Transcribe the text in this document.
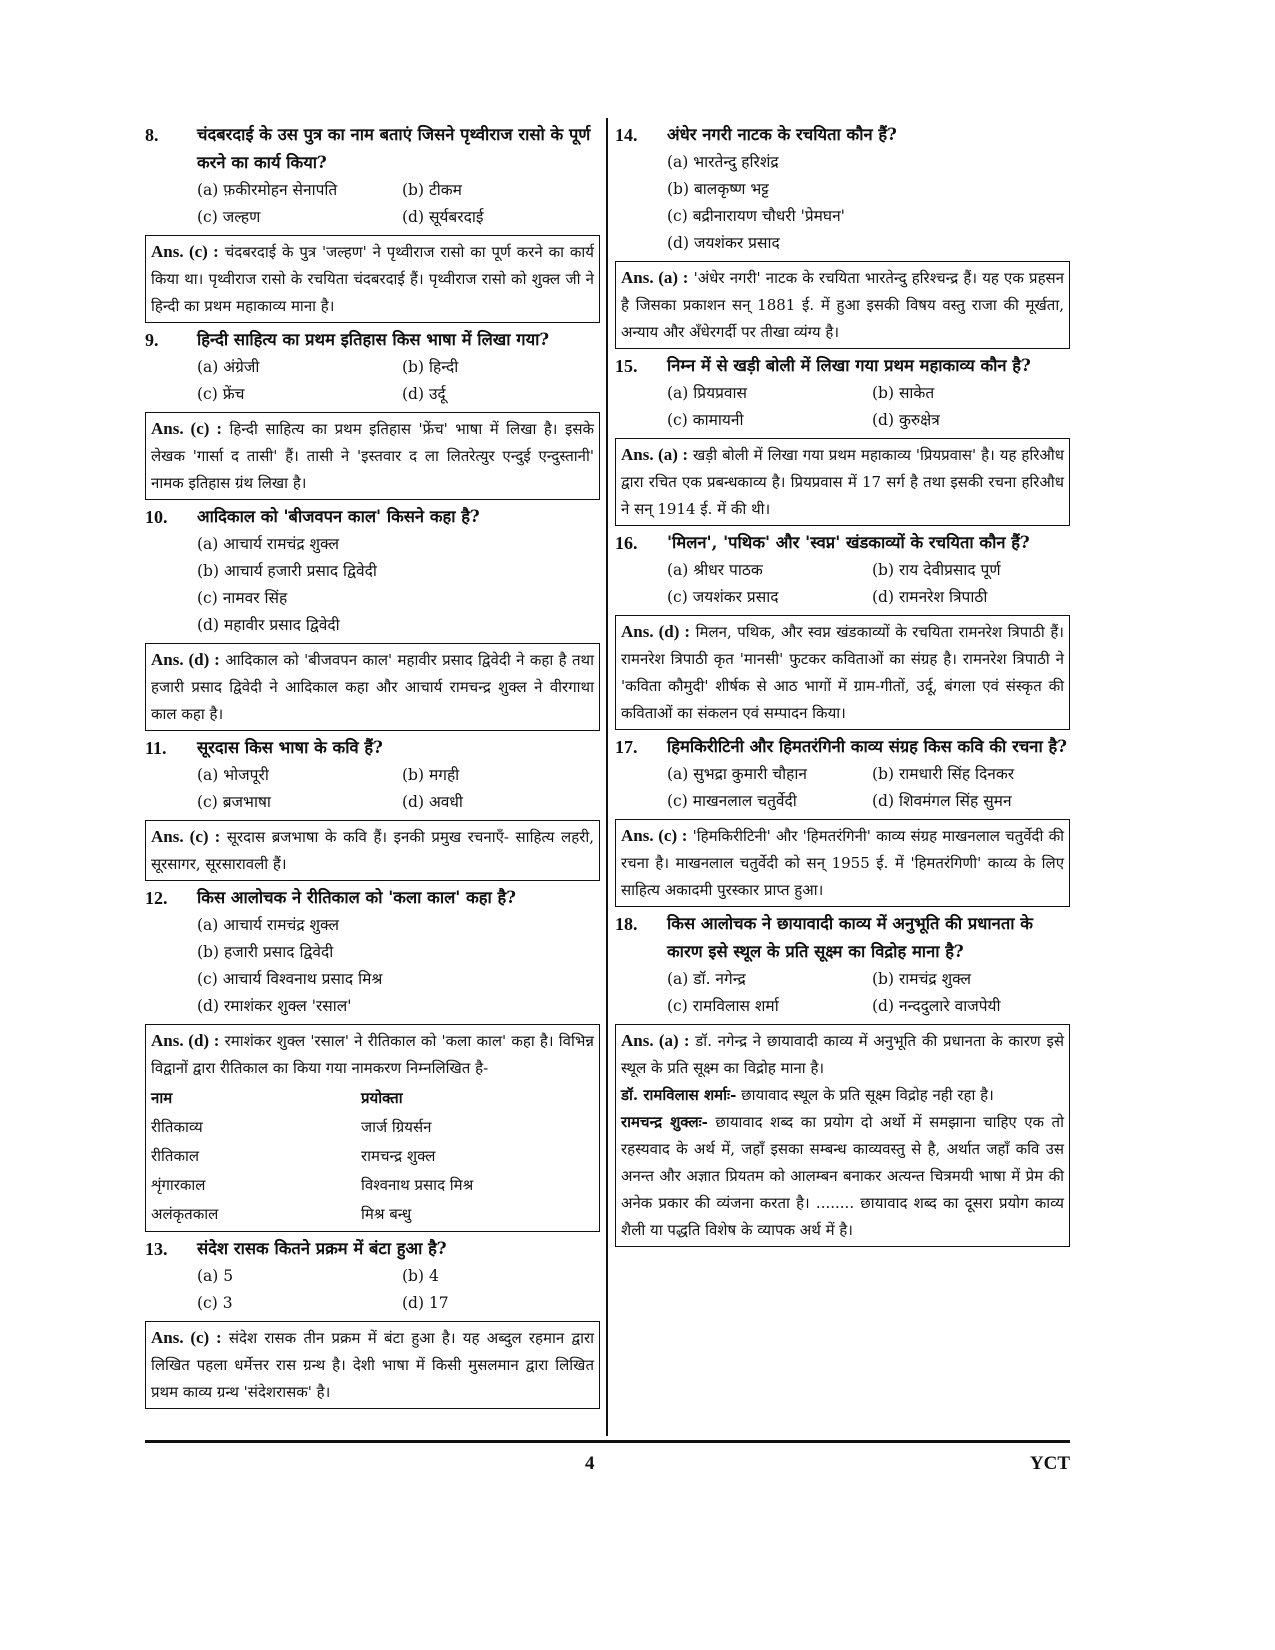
8.	चंदबरदाई के उस पुत्र का नाम बताएं जिसने पृथ्वीराज रासो के पूर्ण करने का कार्य किया?
(a) फ़कीरमोहन सेनापति	(b) टीकम
(c) जल्हण	(d) सूर्यबरदाई
Ans. (c) : चंदबरदाई के पुत्र 'जल्हण' ने पृथ्वीराज रासो का पूर्ण करने का कार्य किया था। पृथ्वीराज रासो के रचयिता चंदबरदाई हैं। पृथ्वीराज रासो को शुक्ल जी ने हिन्दी का प्रथम महाकाव्य माना है।
9.	हिन्दी साहित्य का प्रथम इतिहास किस भाषा में लिखा गया?
(a) अंग्रेजी	(b) हिन्दी
(c) फ्रेंच	(d) उर्दू
Ans. (c) : हिन्दी साहित्य का प्रथम इतिहास 'फ्रेंच' भाषा में लिखा है। इसके लेखक 'गार्सा द तासी' हैं। तासी ने 'इस्तवार द ला लितरेत्युर एन्दुई एन्दुस्तानी' नामक इतिहास ग्रंथ लिखा है।
10.	आदिकाल को 'बीजवपन काल' किसने कहा है?
(a) आचार्य रामचंद्र शुक्ल
(b) आचार्य हजारी प्रसाद द्विवेदी
(c) नामवर सिंह
(d) महावीर प्रसाद द्विवेदी
Ans. (d) : आदिकाल को 'बीजवपन काल' महावीर प्रसाद द्विवेदी ने कहा है तथा हजारी प्रसाद द्विवेदी ने आदिकाल कहा और आचार्य रामचन्द्र शुक्ल ने वीरगाथा काल कहा है।
11.	सूरदास किस भाषा के कवि हैं?
(a) भोजपूरी	(b) मगही
(c) ब्रजभाषा	(d) अवधी
Ans. (c) : सूरदास ब्रजभाषा के कवि हैं। इनकी प्रमुख रचनाएँ- साहित्य लहरी, सूरसागर, सूरसारावली हैं।
12.	किस आलोचक ने रीतिकाल को 'कला काल' कहा है?
(a) आचार्य रामचंद्र शुक्ल
(b) हजारी प्रसाद द्विवेदी
(c) आचार्य विश्वनाथ प्रसाद मिश्र
(d) रमाशंकर शुक्ल 'रसाल'
Ans. (d) : रमाशंकर शुक्ल 'रसाल' ने रीतिकाल को 'कला काल' कहा है। विभिन्न विद्वानों द्वारा रीतिकाल का किया गया नामकरण निम्नलिखित है-
नाम	प्रयोक्ता
रीतिकाव्य	जार्ज ग्रियर्सन
रीतिकाल	रामचन्द्र शुक्ल
शृंगारकाल	विश्वनाथ प्रसाद मिश्र
अलंकृतकाल	मिश्र बन्धु
13.	संदेश रासक कितने प्रक्रम में बंटा हुआ है?
(a) 5	(b) 4
(c) 3	(d) 17
Ans. (c) : संदेश रासक तीन प्रक्रम में बंटा हुआ है। यह अब्दुल रहमान द्वारा लिखित पहला धर्मेत्तर रास ग्रन्थ है। देशी भाषा में किसी मुसलमान द्वारा लिखित प्रथम काव्य ग्रन्थ 'संदेशरासक' है।
14.	अंधेर नगरी नाटक के रचयिता कौन हैं?
(a) भारतेन्दु हरिशंद्र
(b) बालकृष्ण भट्ट
(c) बद्रीनारायण चौधरी 'प्रेमघन'
(d) जयशंकर प्रसाद
Ans. (a) : 'अंधेर नगरी' नाटक के रचयिता भारतेन्दु हरिश्चन्द्र हैं। यह एक प्रहसन है जिसका प्रकाशन सन् 1881 ई. में हुआ इसकी विषय वस्तु राजा की मूर्खता, अन्याय और अँधेरगर्दी पर तीखा व्यंग्य है।
15.	निम्न में से खड़ी बोली में लिखा गया प्रथम महाकाव्य कौन है?
(a) प्रियप्रवास	(b) साकेत
(c) कामायनी	(d) कुरुक्षेत्र
Ans. (a) : खड़ी बोली में लिखा गया प्रथम महाकाव्य 'प्रियप्रवास' है। यह हरिऔध द्वारा रचित एक प्रबन्धकाव्य है। प्रियप्रवास में 17 सर्ग है तथा इसकी रचना हरिऔध ने सन् 1914 ई. में की थी।
16.	'मिलन', 'पथिक' और 'स्वप्न' खंडकाव्यों के रचयिता कौन हैं?
(a) श्रीधर पाठक	(b) राय देवीप्रसाद पूर्ण
(c) जयशंकर प्रसाद	(d) रामनरेश त्रिपाठी
Ans. (d) : मिलन, पथिक, और स्वप्न खंडकाव्यों के रचयिता रामनरेश त्रिपाठी हैं। रामनरेश त्रिपाठी कृत 'मानसी' फुटकर कविताओं का संग्रह है। रामनरेश त्रिपाठी ने 'कविता कौमुदी' शीर्षक से आठ भागों में ग्राम-गीतों, उर्दू, बंगला एवं संस्कृत की कविताओं का संकलन एवं सम्पादन किया।
17.	हिमकिरीटिनी और हिमतरंगिनी काव्य संग्रह किस कवि की रचना है?
(a) सुभद्रा कुमारी चौहान	(b) रामधारी सिंह दिनकर
(c) माखनलाल चतुर्वेदी	(d) शिवमंगल सिंह सुमन
Ans. (c) : 'हिमकिरीटिनी' और 'हिमतरंगिनी' काव्य संग्रह माखनलाल चतुर्वेदी की रचना है। माखनलाल चतुर्वेदी को सन् 1955 ई. में 'हिमतरंगिणी' काव्य के लिए साहित्य अकादमी पुरस्कार प्राप्त हुआ।
18.	किस आलोचक ने छायावादी काव्य में अनुभूति की प्रधानता के कारण इसे स्थूल के प्रति सूक्ष्म का विद्रोह माना है?
(a) डॉ. नगेन्द्र	(b) रामचंद्र शुक्ल
(c) रामविलास शर्मा	(d) नन्ददुलारे वाजपेयी
Ans. (a) : डॉ. नगेन्द्र ने छायावादी काव्य में अनुभूति की प्रधानता के कारण इसे स्थूल के प्रति सूक्ष्म का विद्रोह माना है।
डॉ. रामविलास शर्माः- छायावाद स्थूल के प्रति सूक्ष्म विद्रोह नही रहा है।
रामचन्द्र शुक्लः- छायावाद शब्द का प्रयोग दो अर्थो में समझाना चाहिए एक तो रहस्यवाद के अर्थ में, जहाँ इसका सम्बन्ध काव्यवस्तु से है, अर्थात जहाँ कवि उस अनन्त और अज्ञात प्रियतम को आलम्बन बनाकर अत्यन्त चित्रमयी भाषा में प्रेम की अनेक प्रकार की व्यंजना करता है। ........ छायावाद शब्द का दूसरा प्रयोग काव्य शैली या पद्धति विशेष के व्यापक अर्थ में है।
4	YCT
